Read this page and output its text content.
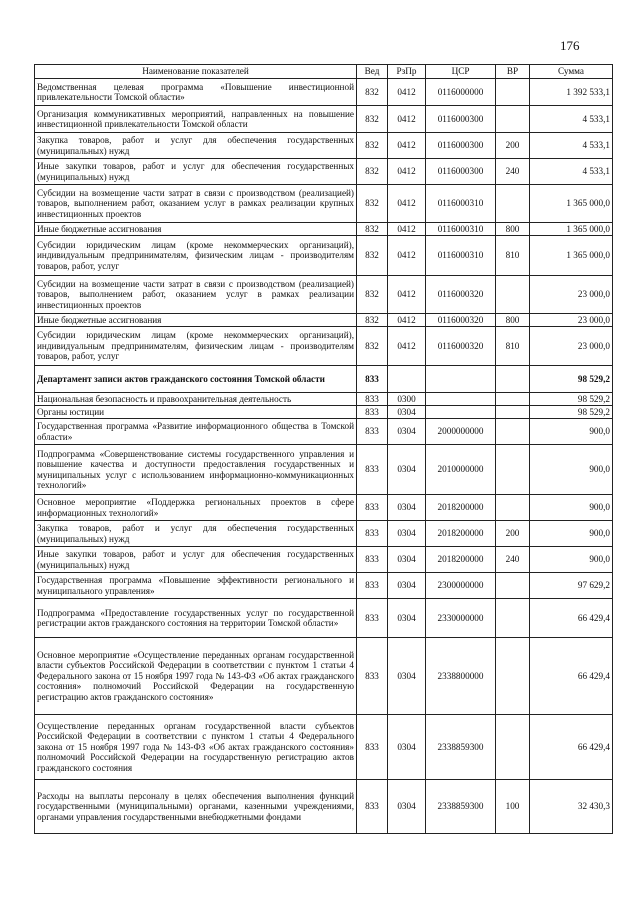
176
Наименование показателей	Вед	РзПр	ЦСР	ВР	Сумма
Ведомственная целевая программа «Повышение инвестиционной привлекательности Томской области»	832	0412	0116000000		1 392 533,1
Организация коммуникативных мероприятий, направленных на повышение инвестиционной привлекательности Томской области	832	0412	0116000300		4 533,1
Закупка товаров, работ и услуг для обеспечения государственных (муниципальных) нужд	832	0412	0116000300	200	4 533,1
Иные закупки товаров, работ и услуг для обеспечения государственных (муниципальных) нужд	832	0412	0116000300	240	4 533,1
Субсидии на возмещение части затрат в связи с производством (реализацией) товаров, выполнением работ, оказанием услуг в рамках реализации крупных инвестиционных проектов	832	0412	0116000310		1 365 000,0
Иные бюджетные ассигнования	832	0412	0116000310	800	1 365 000,0
Субсидии юридическим лицам (кроме некоммерческих организаций), индивидуальным предпринимателям, физическим лицам - производителям товаров, работ, услуг	832	0412	0116000310	810	1 365 000,0
Субсидии на возмещение части затрат в связи с производством (реализацией) товаров, выполнением работ, оказанием услуг в рамках реализации инвестиционных проектов	832	0412	0116000320		23 000,0
Иные бюджетные ассигнования	832	0412	0116000320	800	23 000,0
Субсидии юридическим лицам (кроме некоммерческих организаций), индивидуальным предпринимателям, физическим лицам - производителям товаров, работ, услуг	832	0412	0116000320	810	23 000,0
Департамент записи актов гражданского состояния Томской области	833				98 529,2
Национальная безопасность и правоохранительная деятельность	833	0300			98 529,2
Органы юстиции	833	0304			98 529,2
Государственная программа «Развитие информационного общества в Томской области»	833	0304	2000000000		900,0
Подпрограмма «Совершенствование системы государственного управления и повышение качества и доступности предоставления государственных и муниципальных услуг с использованием информационно-коммуникационных технологий»	833	0304	2010000000		900,0
Основное мероприятие «Поддержка региональных проектов в сфере информационных технологий»	833	0304	2018200000		900,0
Закупка товаров, работ и услуг для обеспечения государственных (муниципальных) нужд	833	0304	2018200000	200	900,0
Иные закупки товаров, работ и услуг для обеспечения государственных (муниципальных) нужд	833	0304	2018200000	240	900,0
Государственная программа «Повышение эффективности регионального и муниципального управления»	833	0304	2300000000		97 629,2
Подпрограмма «Предоставление государственных услуг по государственной регистрации актов гражданского состояния на территории Томской области»	833	0304	2330000000		66 429,4
Основное мероприятие «Осуществление переданных органам государственной власти субъектов Российской Федерации в соответствии с пунктом 1 статьи 4 Федерального закона от 15 ноября 1997 года № 143-ФЗ «Об актах гражданского состояния» полномочий Российской Федерации на государственную регистрацию актов гражданского состояния»	833	0304	2338800000		66 429,4
Осуществление переданных органам государственной власти субъектов Российской Федерации в соответствии с пунктом 1 статьи 4 Федерального закона от 15 ноября 1997 года № 143-ФЗ «Об актах гражданского состояния» полномочий Российской Федерации на государственную регистрацию актов гражданского состояния	833	0304	2338859300		66 429,4
Расходы на выплаты персоналу в целях обеспечения выполнения функций государственными (муниципальными) органами, казенными учреждениями, органами управления государственными внебюджетными фондами	833	0304	2338859300	100	32 430,3
